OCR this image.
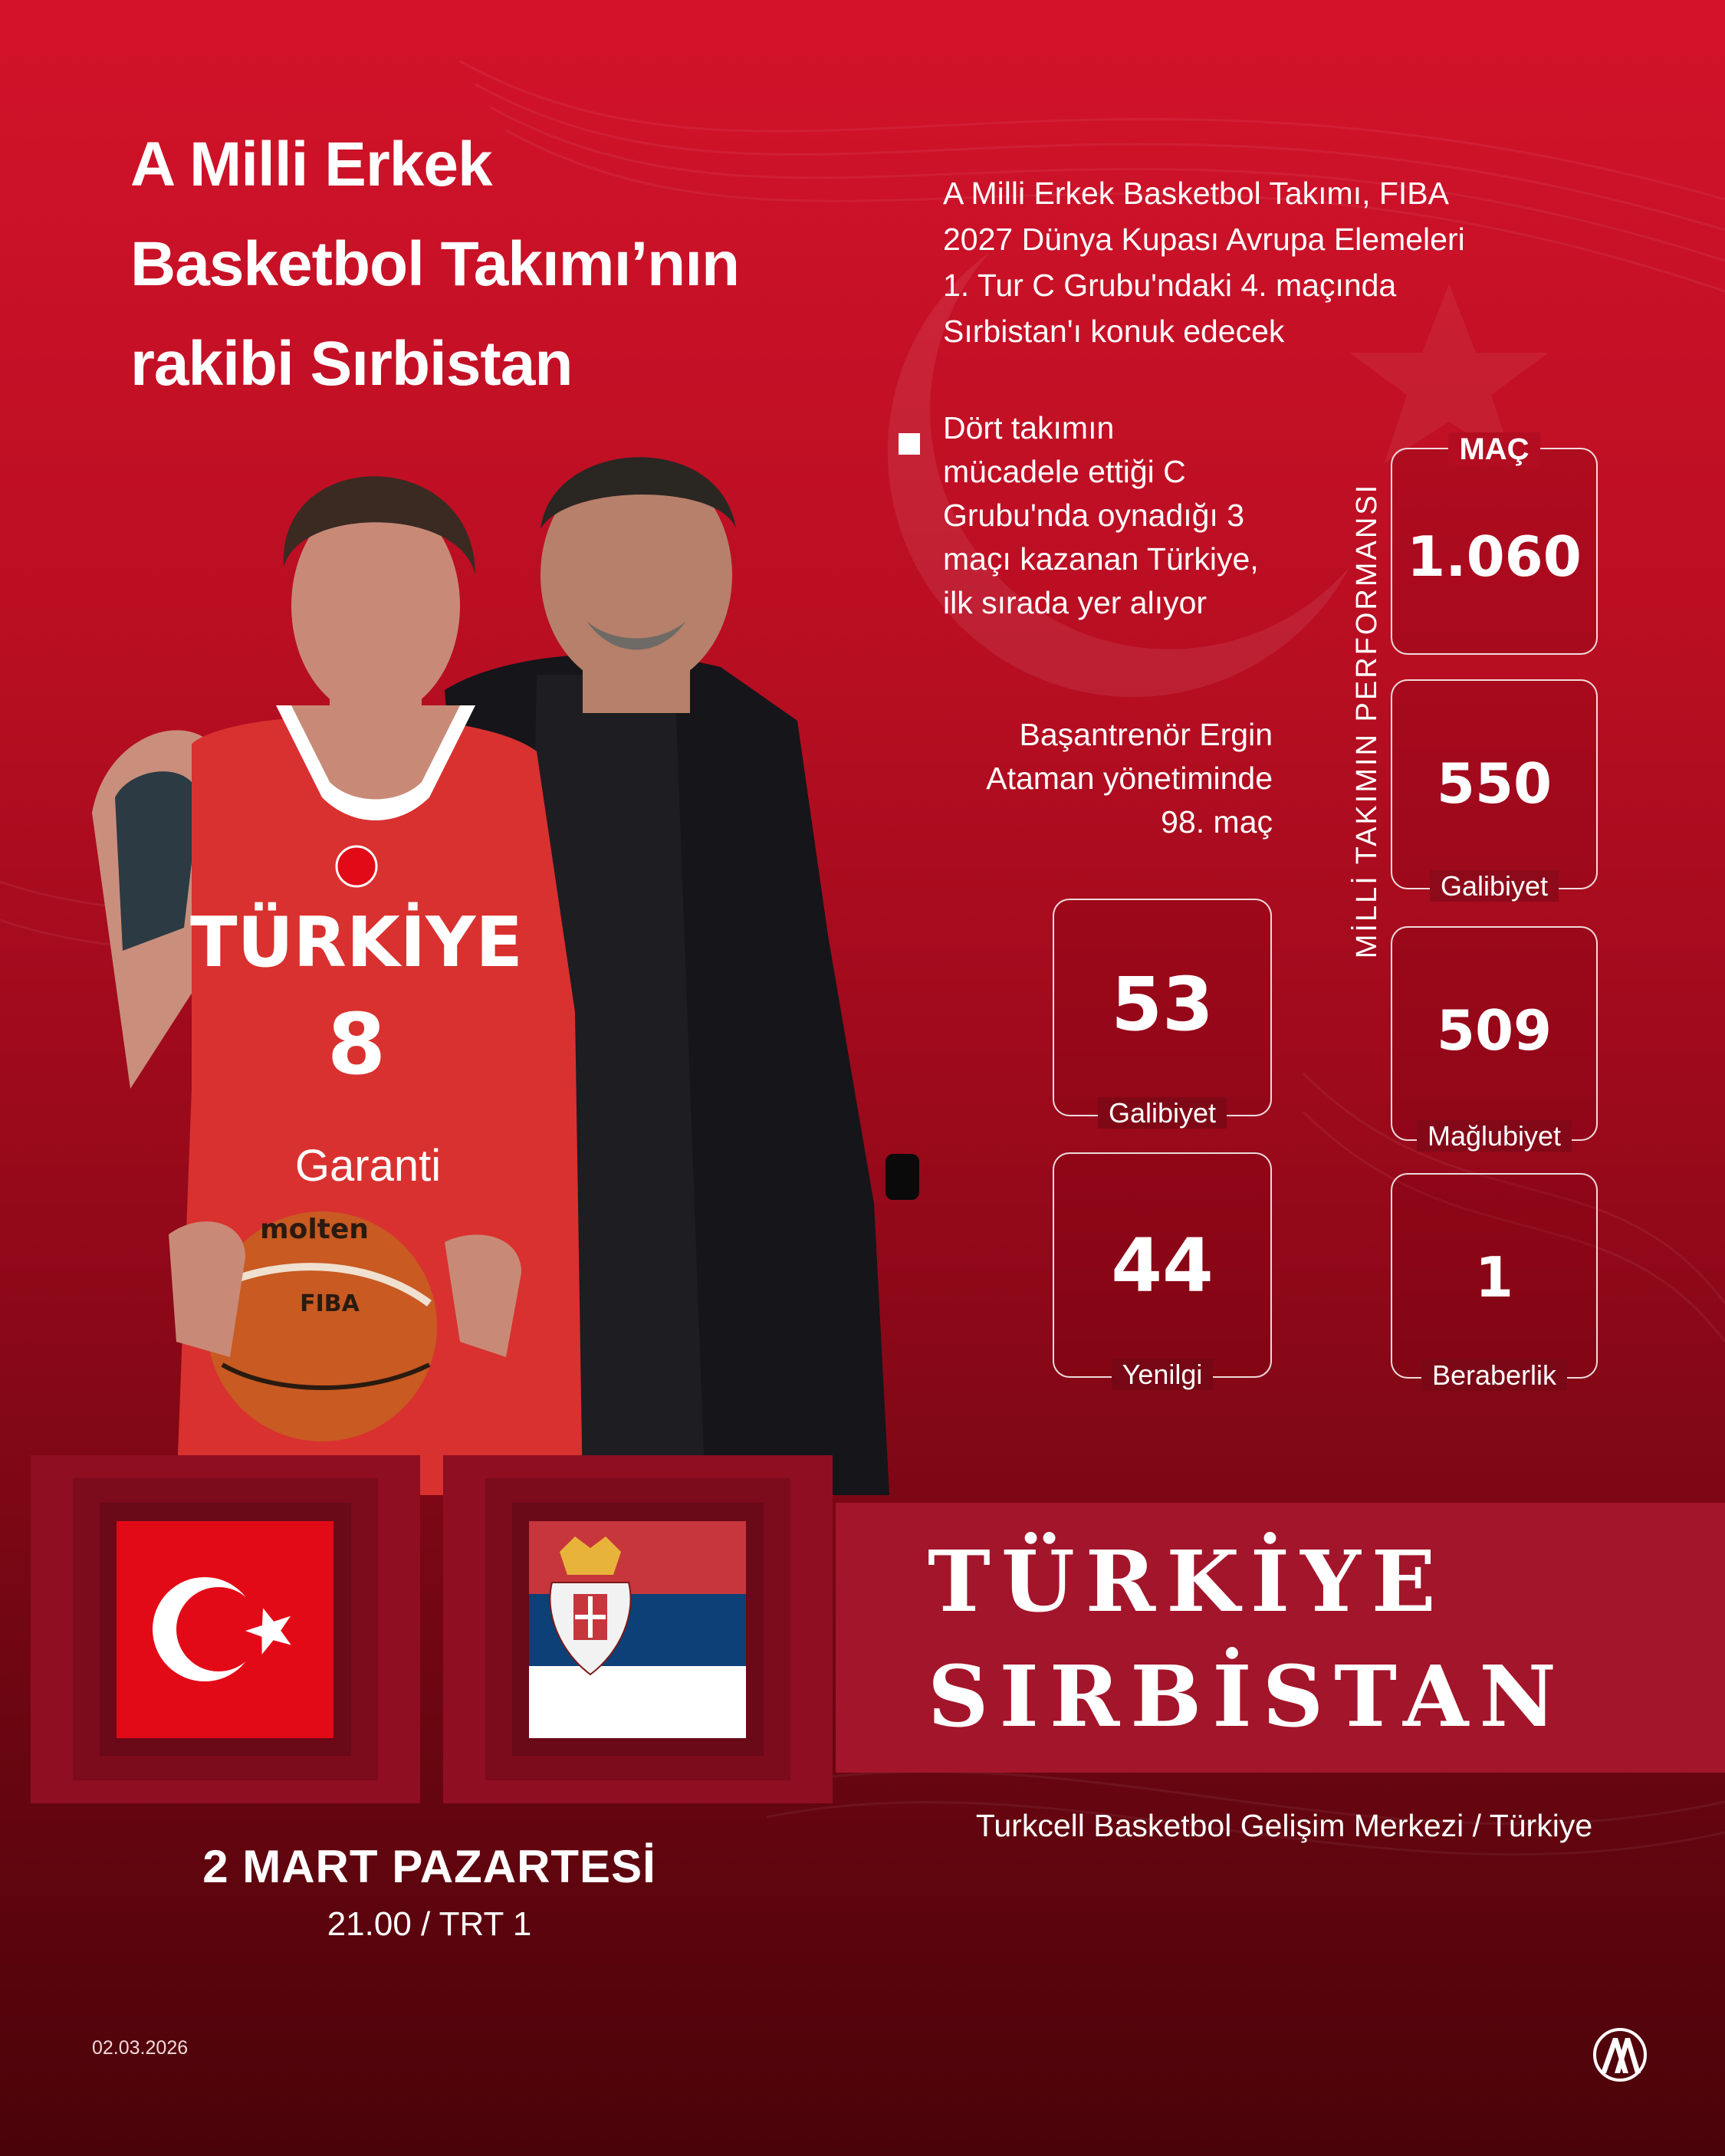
A Milli Erkek
Basketbol Takımı’nın
rakibi Sırbistan
A Milli Erkek Basketbol Takımı, FIBA
2027 Dünya Kupası Avrupa Elemeleri
1. Tur C Grubu'ndaki 4. maçında
Sırbistan'ı konuk edecek
Dört takımın
mücadele ettiği C
Grubu'nda oynadığı 3
maçı kazanan Türkiye,
ilk sırada yer alıyor
Başantrenör Ergin
Ataman yönetiminde
98. maç
53
Galibiyet
44
Yenilgi
MİLLİ TAKIMIN PERFORMANSI
MAÇ
1.060
550
Galibiyet
509
Mağlubiyet
1
Beraberlik
TÜRKİYE
8
Garanti
molten
FIBA
TÜRKİYE
SIRBİSTAN
Turkcell Basketbol Gelişim Merkezi / Türkiye
2 MART PAZARTESİ
21.00 / TRT 1
02.03.2026
